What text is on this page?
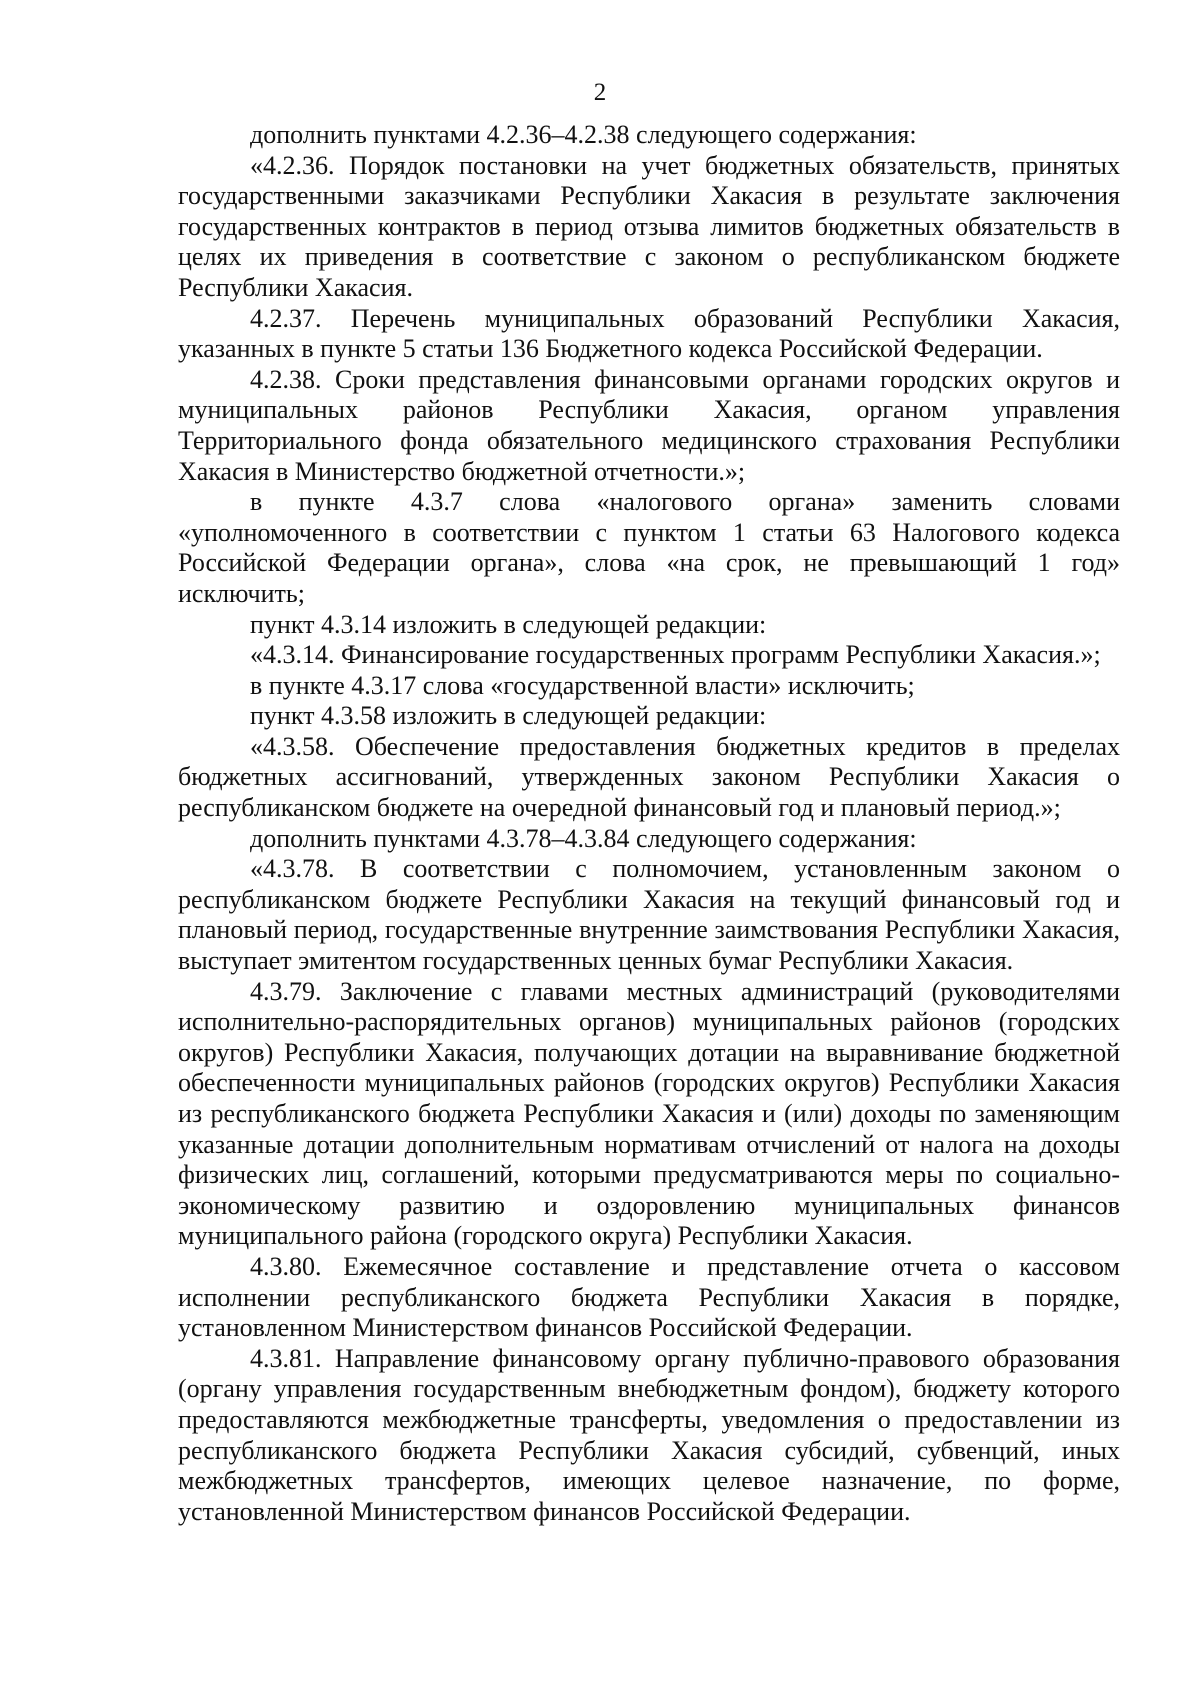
2

дополнить пунктами 4.2.36–4.2.38 следующего содержания:

«4.2.36. Порядок постановки на учет бюджетных обязательств, принятых государственными заказчиками Республики Хакасия в результате заключения государственных контрактов в период отзыва лимитов бюджетных обязательств в целях их приведения в соответствие с законом о республиканском бюджете Республики Хакасия.

4.2.37. Перечень муниципальных образований Республики Хакасия, указанных в пункте 5 статьи 136 Бюджетного кодекса Российской Федерации.

4.2.38. Сроки представления финансовыми органами городских округов и муниципальных районов Республики Хакасия, органом управления Территориального фонда обязательного медицинского страхования Республики Хакасия в Министерство бюджетной отчетности.»;

в пункте 4.3.7 слова «налогового органа» заменить словами «уполномоченного в соответствии с пунктом 1 статьи 63 Налогового кодекса Российской Федерации органа», слова «на срок, не превышающий 1 год» исключить;

пункт 4.3.14 изложить в следующей редакции:

«4.3.14. Финансирование государственных программ Республики Хакасия.»;

в пункте 4.3.17 слова «государственной власти» исключить;

пункт 4.3.58 изложить в следующей редакции:

«4.3.58. Обеспечение предоставления бюджетных кредитов в пределах бюджетных ассигнований, утвержденных законом Республики Хакасия о республиканском бюджете на очередной финансовый год и плановый период.»;

дополнить пунктами 4.3.78–4.3.84 следующего содержания:

«4.3.78. В соответствии с полномочием, установленным законом о республиканском бюджете Республики Хакасия на текущий финансовый год и плановый период, государственные внутренние заимствования Республики Хакасия, выступает эмитентом государственных ценных бумаг Республики Хакасия.

4.3.79. Заключение с главами местных администраций (руководителями исполнительно-распорядительных органов) муниципальных районов (городских округов) Республики Хакасия, получающих дотации на выравнивание бюджетной обеспеченности муниципальных районов (городских округов) Республики Хакасия из республиканского бюджета Республики Хакасия и (или) доходы по заменяющим указанные дотации дополнительным нормативам отчислений от налога на доходы физических лиц, соглашений, которыми предусматриваются меры по социально-экономическому развитию и оздоровлению муниципальных финансов муниципального района (городского округа) Республики Хакасия.

4.3.80. Ежемесячное составление и представление отчета о кассовом исполнении республиканского бюджета Республики Хакасия в порядке, установленном Министерством финансов Российской Федерации.

4.3.81. Направление финансовому органу публично-правового образования (органу управления государственным внебюджетным фондом), бюджету которого предоставляются межбюджетные трансферты, уведомления о предоставлении из республиканского бюджета Республики Хакасия субсидий, субвенций, иных межбюджетных трансфертов, имеющих целевое назначение, по форме, установленной Министерством финансов Российской Федерации.
